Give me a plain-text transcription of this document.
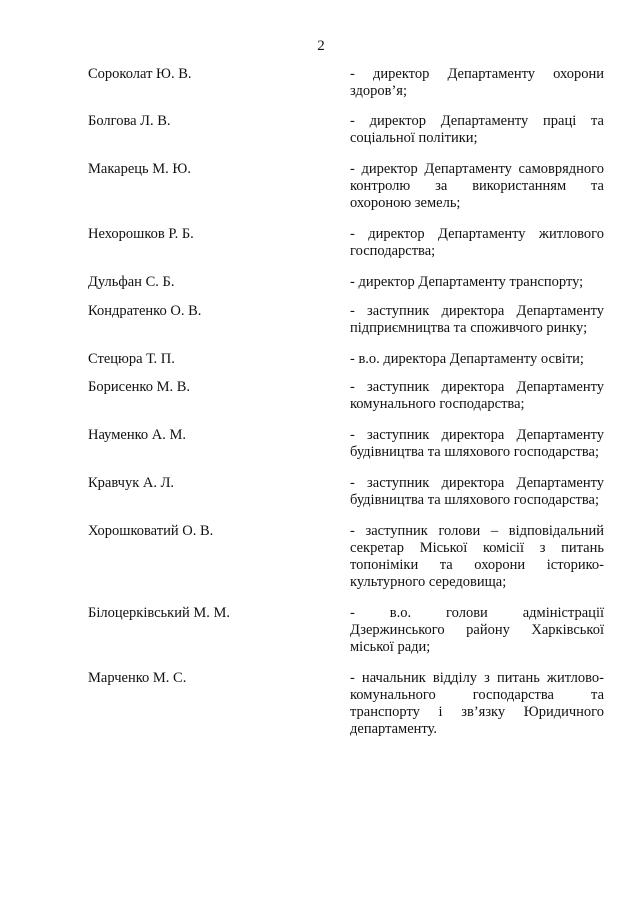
2
Сороколат Ю. В.	- директор Департаменту охорони здоров’я;
Болгова Л. В.	- директор Департаменту праці та соціальної політики;
Макарець М. Ю.	- директор Департаменту самоврядного контролю за використанням та охороною земель;
Нехорошков Р. Б.	- директор Департаменту житлового господарства;
Дульфан С. Б.	- директор Департаменту транспорту;
Кондратенко О. В.	- заступник директора Департаменту підприємництва та споживчого ринку;
Стецюра Т. П.	- в.о. директора Департаменту освіти;
Борисенко М. В.	- заступник директора Департаменту комунального господарства;
Науменко А. М.	- заступник директора Департаменту будівництва та шляхового господарства;
Кравчук А. Л.	- заступник директора Департаменту будівництва та шляхового господарства;
Хорошковатий О. В.	- заступник голови – відповідальний секретар Міської комісії з питань топоніміки та охорони історико-культурного середовища;
Білоцерківський М. М.	- в.о. голови адміністрації Дзержинського району Харківської міської ради;
Марченко М. С.	- начальник відділу з питань житлово-комунального господарства та транспорту і зв’язку Юридичного департаменту.
